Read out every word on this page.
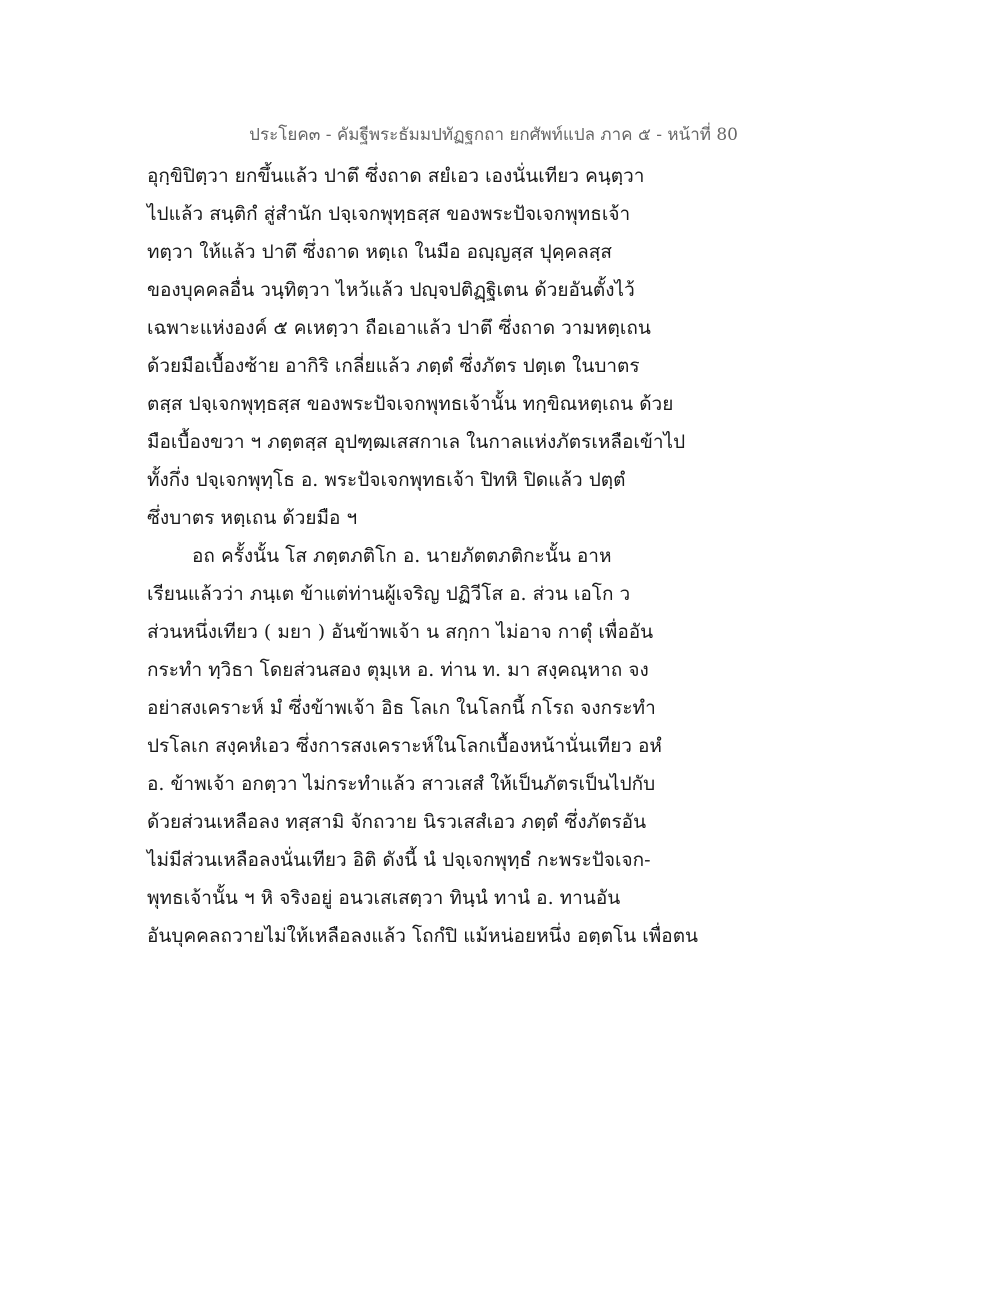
ประโยค๓ - คัมฐีพระธัมมปทัฏฐกถา ยกศัพท์แปล ภาค ๕ - หน้าที่ 80
อุกฺขิปิตฺวา ยกขึ้นแล้ว ปาตึ ซึ่งถาด สยํเอว เองนั่นเทียว คนฺตฺวา
ไปแล้ว สนฺติกํ สู่สำนัก ปจฺเจกพุทฺธสฺส ของพระปัจเจกพุทธเจ้า
ทตฺวา ให้แล้ว ปาตึ ซึ่งถาด หตฺเถ ในมือ อญฺญสฺส ปุคฺคลสฺส
ของบุคคลอื่น วนฺทิตฺวา ไหว้แล้ว ปญฺจปติฏฺฐิเตน ด้วยอันตั้งไว้
เฉพาะแห่งองค์ ๕ คเหตฺวา ถือเอาแล้ว ปาตึ ซึ่งถาด วามหตฺเถน
ด้วยมือเบื้องซ้าย อากิริ เกลี่ยแล้ว ภตฺตํ ซึ่งภัตร ปตฺเต ในบาตร
ตสฺส ปจฺเจกพุทฺธสฺส ของพระปัจเจกพุทธเจ้านั้น ทกฺขิณหตฺเถน ด้วย
มือเบื้องขวา ฯ ภตฺตสฺส อุปฑฺฒเสสกาเล ในกาลแห่งภัตรเหลือเข้าไป
ทั้งกึ่ง ปจฺเจกพุทฺโธ อ. พระปัจเจกพุทธเจ้า ปิทหิ ปิดแล้ว ปตฺตํ
ซึ่งบาตร หตฺเถน ด้วยมือ ฯ
อถ ครั้งนั้น โส ภตฺตภติโก อ. นายภัตตภติกะนั้น อาห
เรียนแล้วว่า ภนฺเต ข้าแต่ท่านผู้เจริญ ปฏิวีโส อ. ส่วน เอโก ว
ส่วนหนึ่งเทียว ( มยา ) อันข้าพเจ้า น สกฺกา ไม่อาจ กาตุํ เพื่ออัน
กระทำ ทฺวิธา โดยส่วนสอง ตุมฺเห อ. ท่าน ท. มา สงฺคณฺหาถ จง
อย่าสงเคราะห์ มํ ซึ่งข้าพเจ้า อิธ โลเก ในโลกนี้ กโรถ จงกระทำ
ปรโลเก สงฺคหํเอว ซึ่งการสงเคราะห์ในโลกเบื้องหน้านั่นเทียว อหํ
อ. ข้าพเจ้า อกตฺวา ไม่กระทำแล้ว สาวเสสํ ให้เป็นภัตรเป็นไปกับ
ด้วยส่วนเหลือลง ทสฺสามิ จักถวาย นิรวเสสํเอว ภตฺตํ ซึ่งภัตรอัน
ไม่มีส่วนเหลือลงนั่นเทียว อิติ ดังนี้ นํ ปจฺเจกพุทฺธํ กะพระปัจเจก-
พุทธเจ้านั้น ฯ หิ จริงอยู่ อนวเสเสตฺวา ทินฺนํ ทานํ อ. ทานอัน
อันบุคคลถวายไม่ให้เหลือลงแล้ว โถกํปิ แม้หน่อยหนึ่ง อตฺตโน เพื่อตน
